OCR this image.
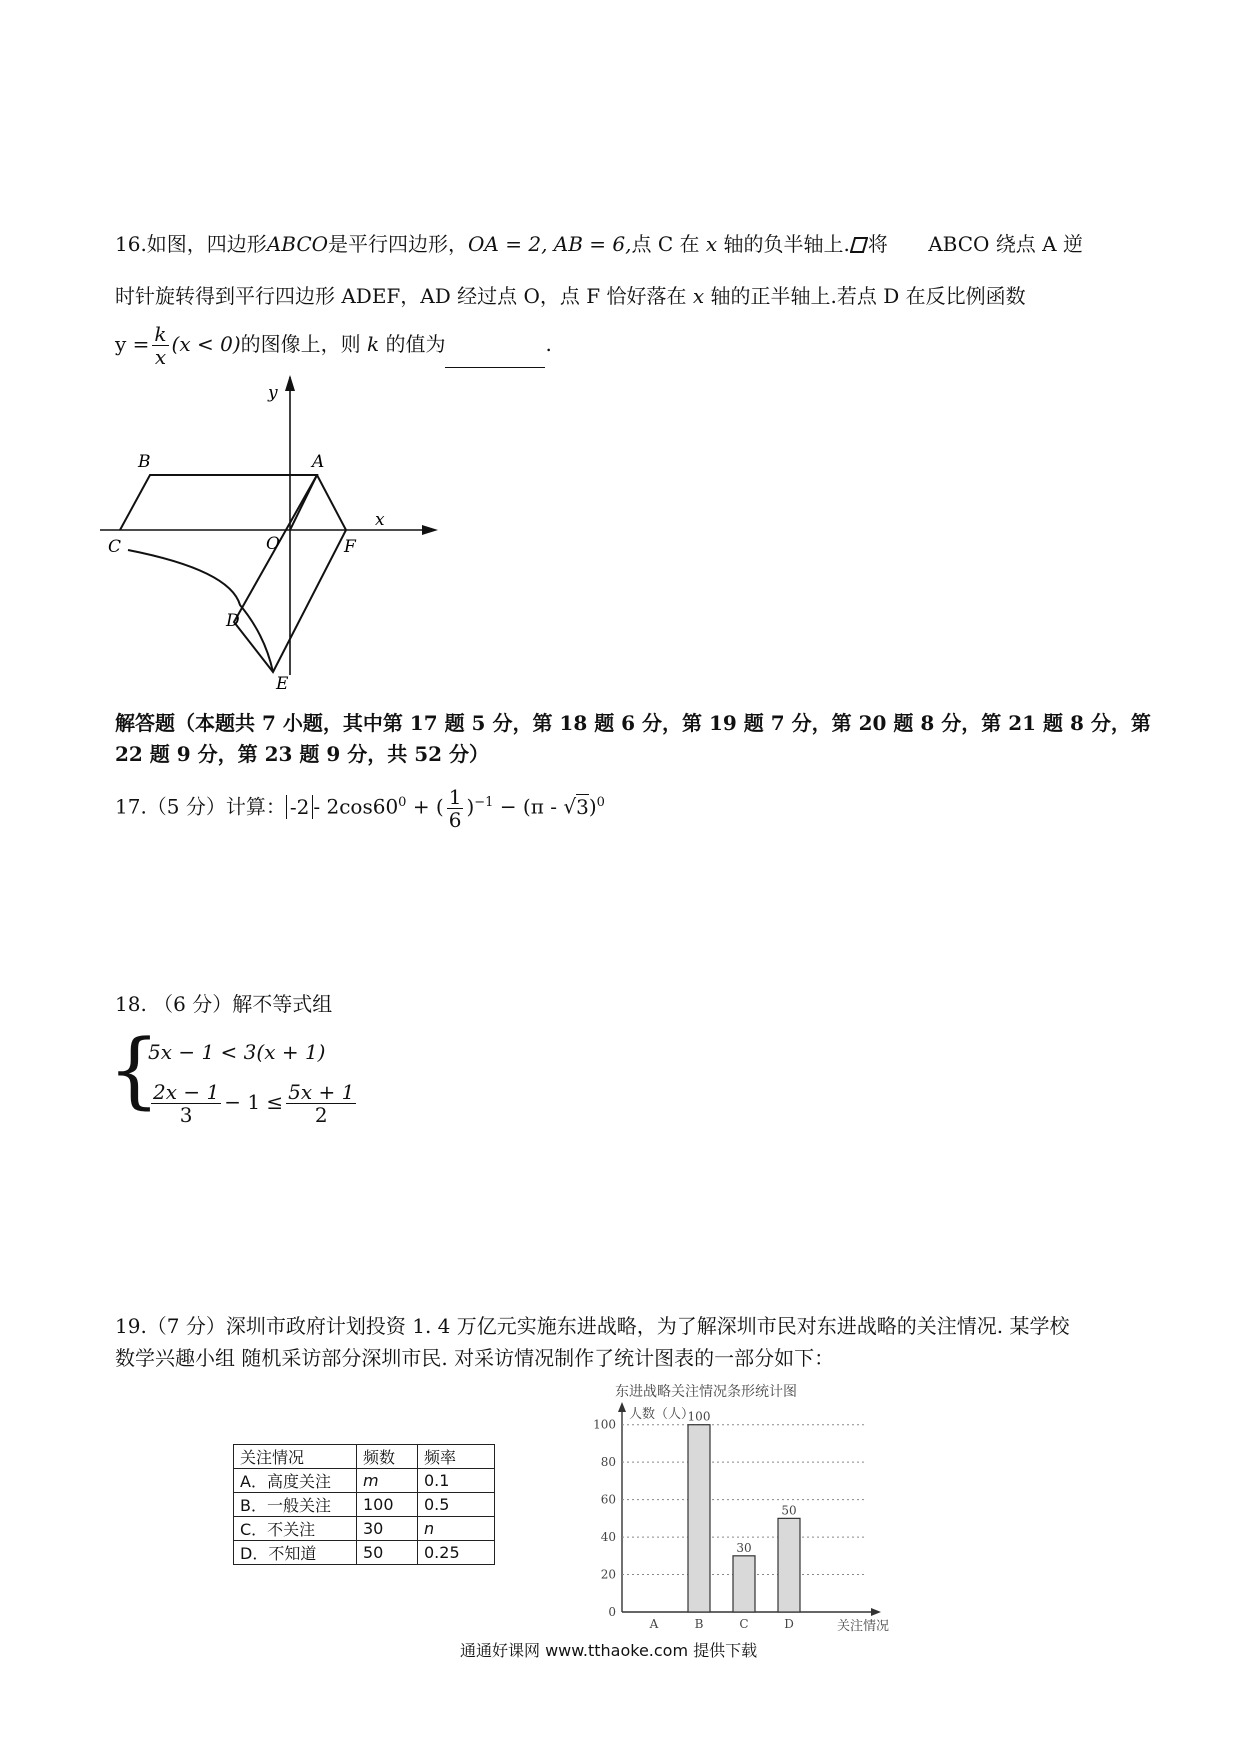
16.如图，四边形ABCO是平行四边形，OA = 2, AB = 6,点 C 在 x 轴的负半轴上. 将 ABCO 绕点 A 逆
时针旋转得到平行四边形 ADEF，AD 经过点 O，点 F 恰好落在 x 轴的正半轴上.若点 D 在反比例函数
$y = \frac{k}{x} (x < 0)$的图像上，则 k 的值为	.
y
x
B	A
C	O	F
D
E
解答题（本题共 7 小题，其中第 17 题 5 分，第 18 题 6 分，第 19 题 7 分，第 20 题 8 分，第 21 题 8 分，第
22 题 9 分，第 23 题 9 分，共 52 分）
17.（5 分）计算： $-2 - 2\cos 60^0$ + ( $\frac{1}{6} )^{-1} - (\pi - √3)^0$
18. （6 分）解不等式组
{
5x − 1 < 3(x + 1)
$\frac{2x - 1}{3} - 1 \le \frac{5x + 1}{2}$
19.（7 分）深圳市政府计划投资 1. 4 万亿元实施东进战略，为了解深圳市民对东进战略的关注情况. 某学校
数学兴趣小组 随机采访部分深圳市民. 对采访情况制作了统计图表的一部分如下：
关注情况	频数	频率
A．高度关注	m	0.1
B．一般关注	100	0.5
C．不关注	30	n
D．不知道	50	0.25
东进战略关注情况条形统计图
人数（人）
关注情况
0
20
40
60
80
100
A	B
100
C
30
D
50
通通好课网 www.tthaoke.com 提供下载
